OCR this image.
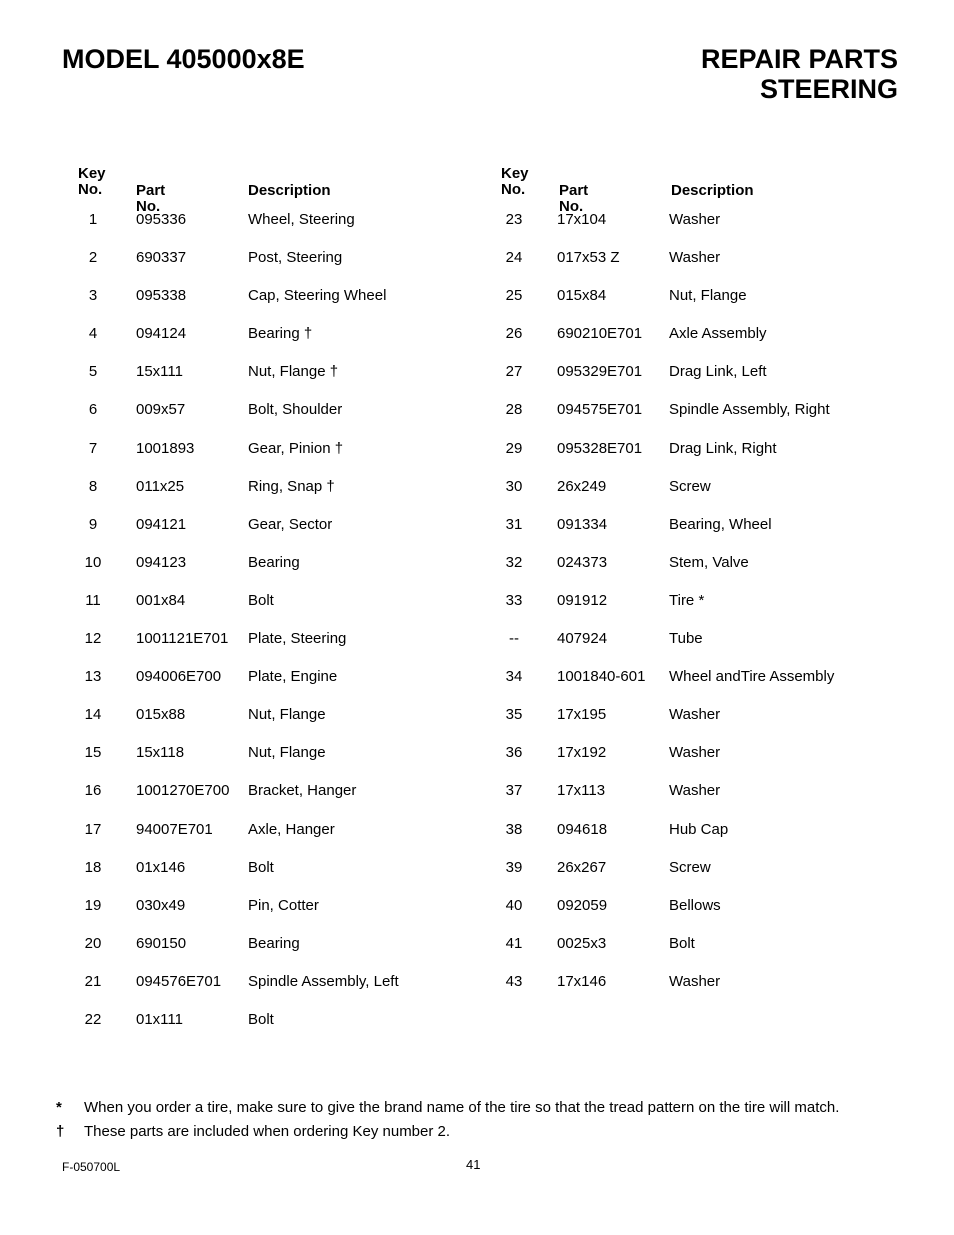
MODEL 405000x8E	REPAIR PARTS
STEERING
Key
No.	Part No.
Description
1	095336	Wheel, Steering
2	690337	Post, Steering
3	095338	Cap, Steering Wheel
4	094124	Bearing †
5	15x111	Nut, Flange †
6	009x57	Bolt, Shoulder
7	1001893	Gear, Pinion †
8	011x25	Ring, Snap †
9	094121	Gear, Sector
10	094123	Bearing
11	001x84	Bolt
12	1001121E701 Plate, Steering
13	094006E700 Plate, Engine
14	015x88	Nut, Flange
15	15x118	Nut, Flange
16	1001270E700 Bracket, Hanger
17	94007E701 Axle, Hanger
18	01x146	Bolt
19	030x49	Pin, Cotter
20	690150	Bearing
21	094576E701 Spindle Assembly, Left
22	01x111	Bolt
Key
No.	Part No.
Description
23	17x104	Washer
24	017x53 Z	Washer
25	015x84	Nut, Flange
26	690210E701 Axle Assembly
27	095329E701 Drag Link, Left
28	094575E701 Spindle Assembly, Right
29	095328E701 Drag Link, Right
30	26x249	Screw
31	091334	Bearing, Wheel
32	024373	Stem, Valve
33	091912	Tire *
--	407924	Tube
34	1001840-601 Wheel andTire Assembly
35	17x195	Washer
36	17x192	Washer
37	17x113	Washer
38	094618	Hub Cap
39	26x267	Screw
40	092059	Bellows
41	0025x3	Bolt
43	17x146	Washer
*	When you order a tire, make sure to give the brand name of the tire so that the tread pattern on the tire will match.
†	These parts are included when ordering Key number 2.
F-050700L	41
